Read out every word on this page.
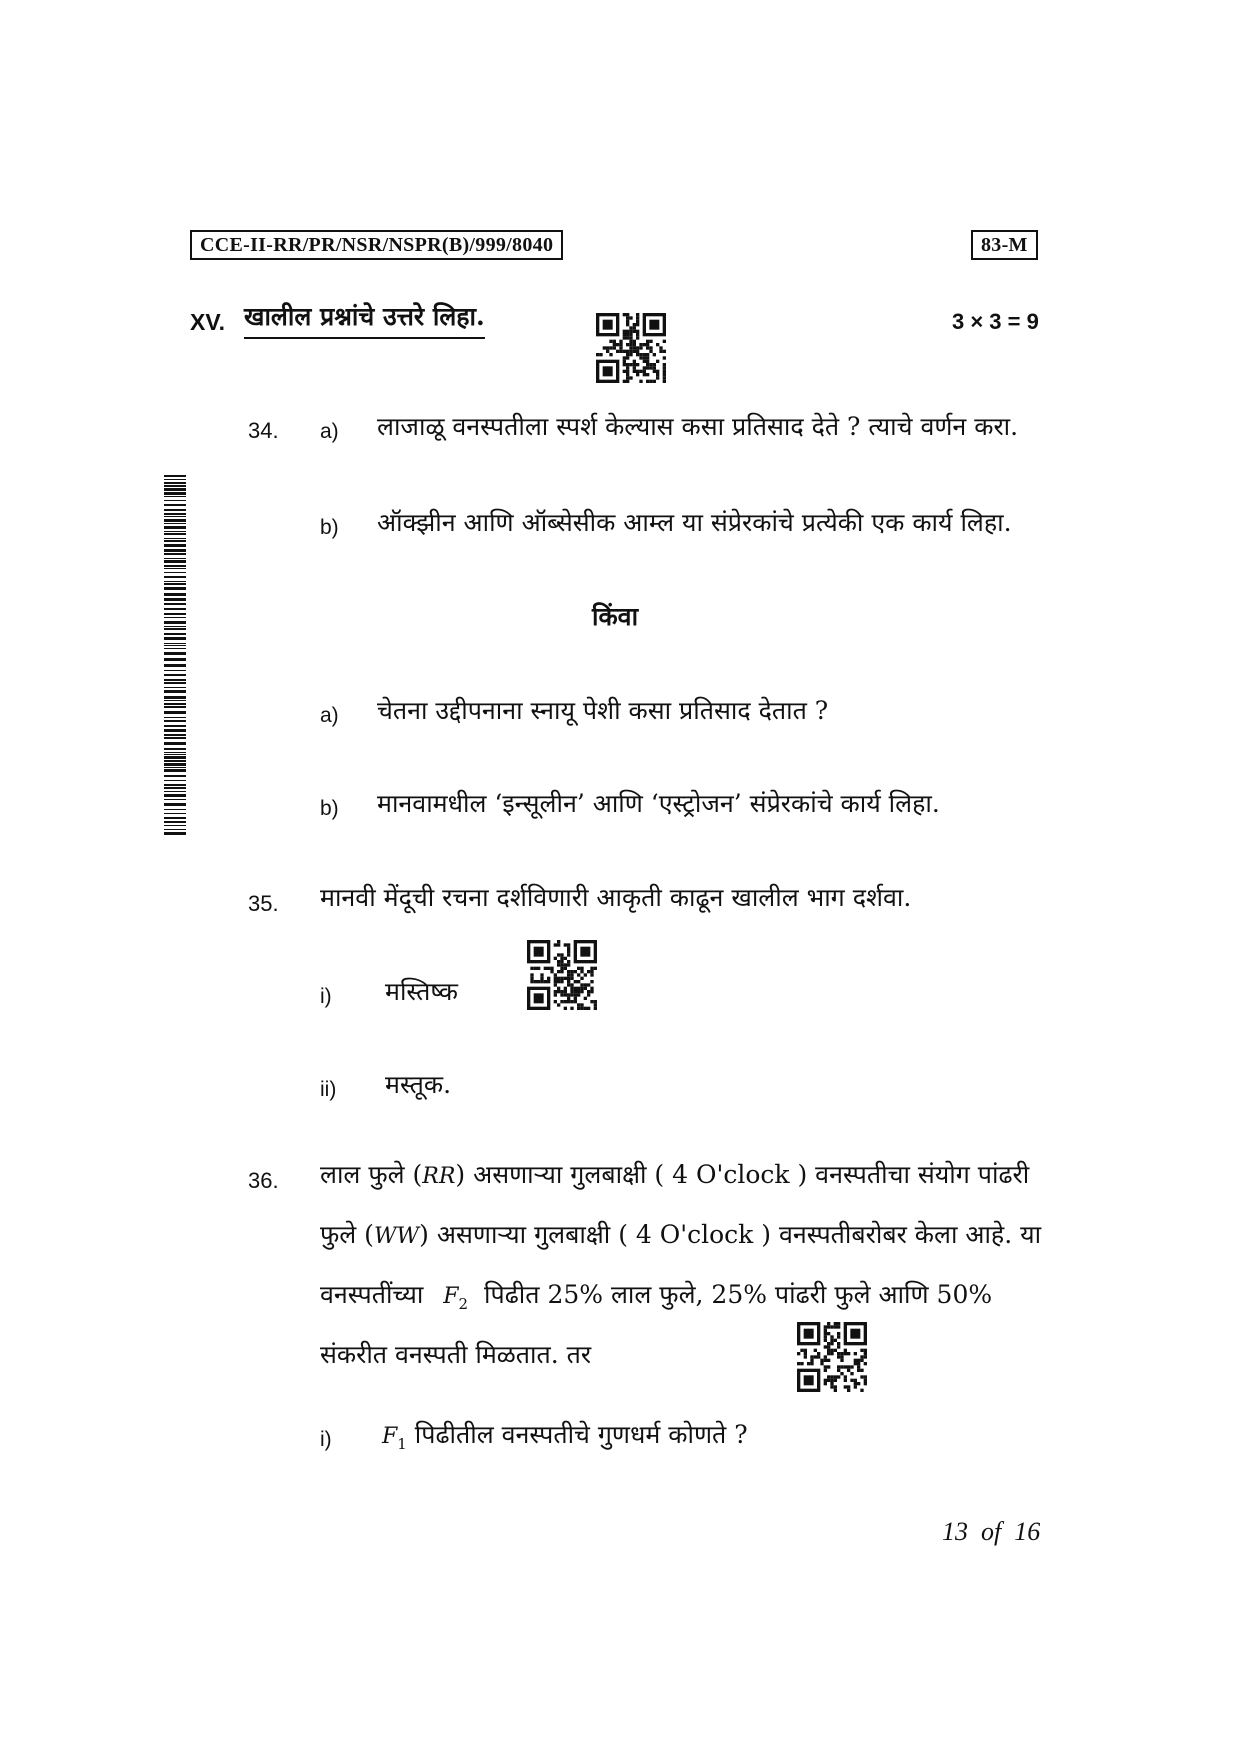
CCE-II-RR/PR/NSR/NSPR(B)/999/8040	83-M
XV. खालील प्रश्नांचे उत्तरे लिहा.	3 × 3 = 9
34. a) लाजाळू वनस्पतीला स्पर्श केल्यास कसा प्रतिसाद देते ? त्याचे वर्णन करा.
b) ऑक्झीन आणि ऑब्सेसीक आम्ल या संप्रेरकांचे प्रत्येकी एक कार्य लिहा.
किंवा
a) चेतना उद्दीपनाना स्नायू पेशी कसा प्रतिसाद देतात ?
b) मानवामधील ‘इन्सूलीन’ आणि ‘एस्ट्रोजन’ संप्रेरकांचे कार्य लिहा.
35. मानवी मेंदूची रचना दर्शविणारी आकृती काढून खालील भाग दर्शवा.
i) मस्तिष्क
ii) मस्तूक.
36. लाल फुले (RR) असणाऱ्या गुलबाक्षी ( 4 O'clock ) वनस्पतीचा संयोग पांढरी
फुले (WW) असणाऱ्या गुलबाक्षी ( 4 O'clock ) वनस्पतीबरोबर केला आहे. या
वनस्पतींच्या $F_2$ पिढीत 25% लाल फुले, 25% पांढरी फुले आणि 50%
संकरीत वनस्पती मिळतात. तर
i) $F_1$ पिढीतील वनस्पतीचे गुणधर्म कोणते ?
13  of  16
